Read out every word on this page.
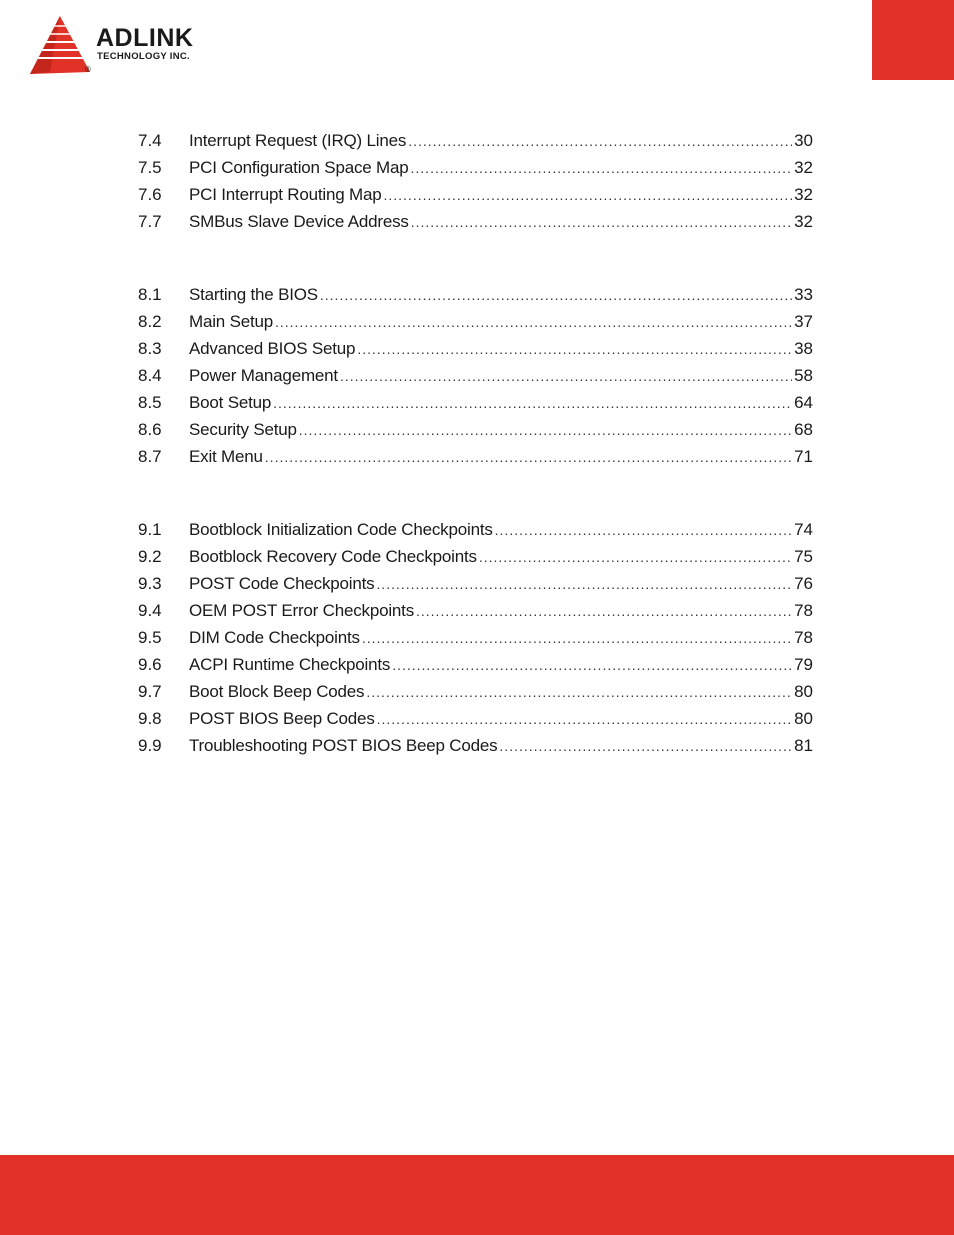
ADLINK
TECHNOLOGY INC.
®
7.4	Interrupt Request (IRQ) Lines .....	30
7.5	PCI Configuration Space Map .....	32
7.6	PCI Interrupt Routing Map .....	32
7.7	SMBus Slave Device Address .....	32
8.1	Starting the BIOS .....	33
8.2	Main Setup .....	37
8.3	Advanced BIOS Setup .....	38
8.4	Power Management .....	58
8.5	Boot Setup .....	64
8.6	Security Setup .....	68
8.7	Exit Menu .....	71
9.1	Bootblock Initialization Code Checkpoints .....	74
9.2	Bootblock Recovery Code Checkpoints .....	75
9.3	POST Code Checkpoints .....	76
9.4	OEM POST Error Checkpoints .....	78
9.5	DIM Code Checkpoints .....	78
9.6	ACPI Runtime Checkpoints .....	79
9.7	Boot Block Beep Codes .....	80
9.8	POST BIOS Beep Codes .....	80
9.9	Troubleshooting POST BIOS Beep Codes .....	81
